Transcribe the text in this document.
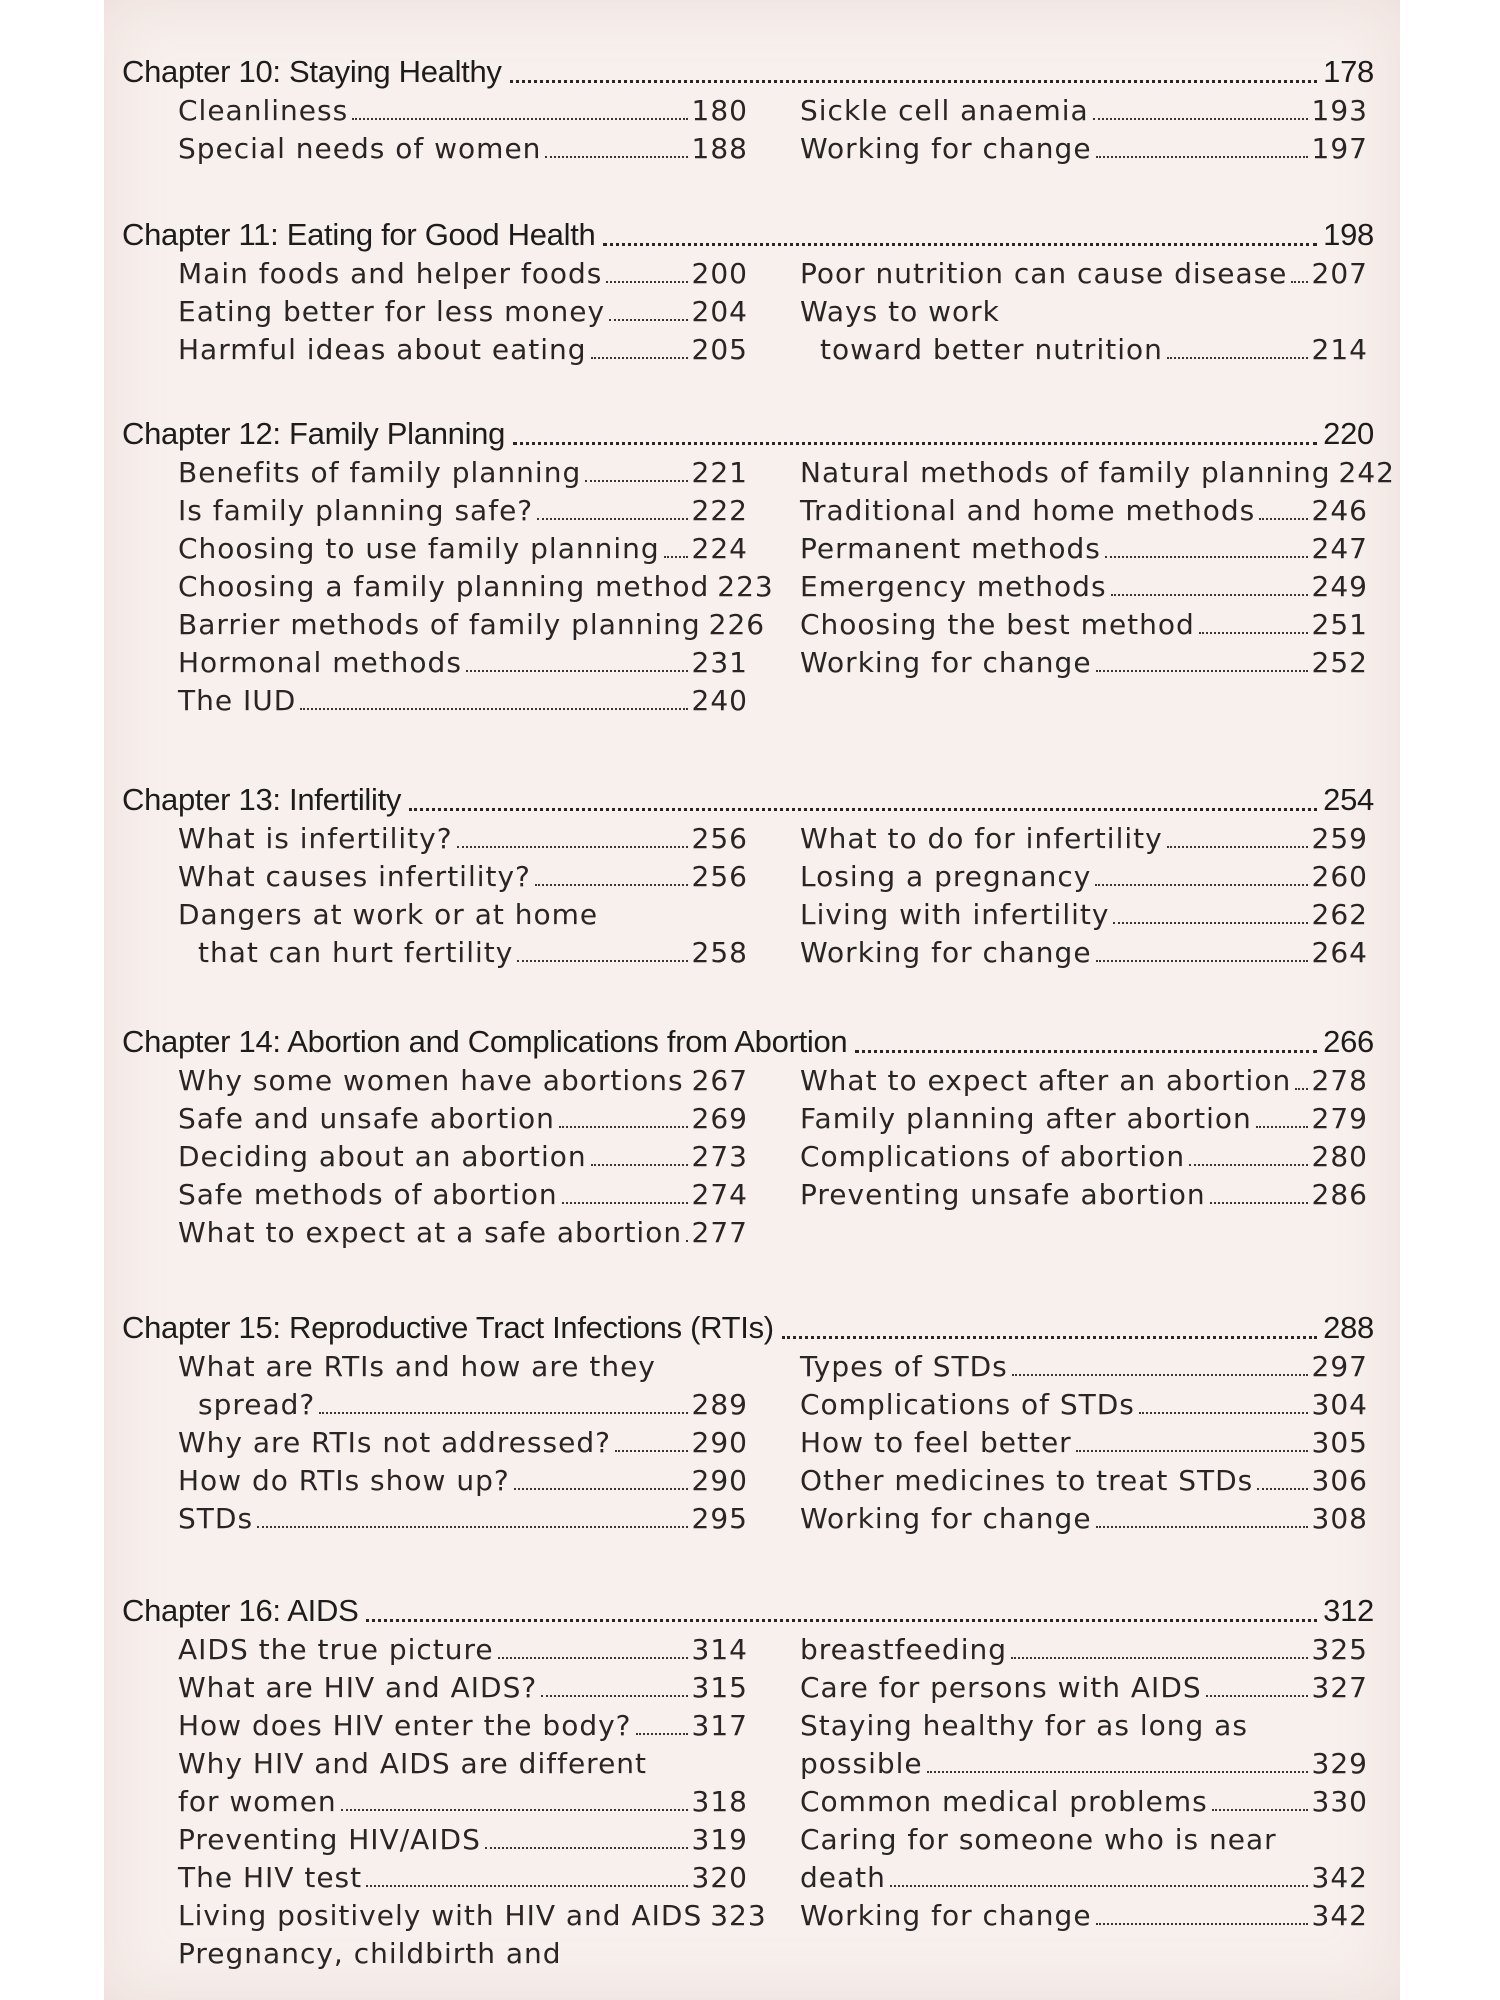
Chapter 10: Staying Healthy	178
Cleanliness	180
Special needs of women	188
Sickle cell anaemia	193
Working for change	197
Chapter 11: Eating for Good Health	198
Main foods and helper foods	200
Eating better for less money	204
Harmful ideas about eating	205
Poor nutrition can cause disease 207
Ways to work
toward better nutrition	214
Chapter 12: Family Planning	220
Benefits of family planning	221
Is family planning safe?	222
Choosing to use family planning 224
Choosing a family planning method 223
Barrier methods of family planning 226
Hormonal methods	231
The IUD	240
Natural methods of family planning 242
Traditional and home methods 246
Permanent methods	247
Emergency methods	249
Choosing the best method	251
Working for change	252
Chapter 13: Infertility	254
What is infertility?	256
What causes infertility?	256
Dangers at work or at home
that can hurt fertility	258
What to do for infertility	259
Losing a pregnancy	260
Living with infertility	262
Working for change	264
Chapter 14: Abortion and Complications from Abortion	266
Why some women have abortions 267
Safe and unsafe abortion	269
Deciding about an abortion	273
Safe methods of abortion	274
What to expect at a safe abortion 277
What to expect after an abortion 278
Family planning after abortion 279
Complications of abortion	280
Preventing unsafe abortion	286
Chapter 15: Reproductive Tract Infections (RTIs)	288
What are RTIs and how are they
spread?	289
Why are RTIs not addressed?	290
How do RTIs show up?	290
STDs	295
Types of STDs	297
Complications of STDs	304
How to feel better	305
Other medicines to treat STDs 306
Working for change	308
Chapter 16: AIDS	312
AIDS the true picture	314
What are HIV and AIDS?	315
How does HIV enter the body? 317
Why HIV and AIDS are different
for women	318
Preventing HIV/AIDS	319
The HIV test	320
Living positively with HIV and AIDS 323
Pregnancy, childbirth and
breastfeeding	325
Care for persons with AIDS	327
Staying healthy for as long as
possible	329
Common medical problems	330
Caring for someone who is near
death	342
Working for change	342
